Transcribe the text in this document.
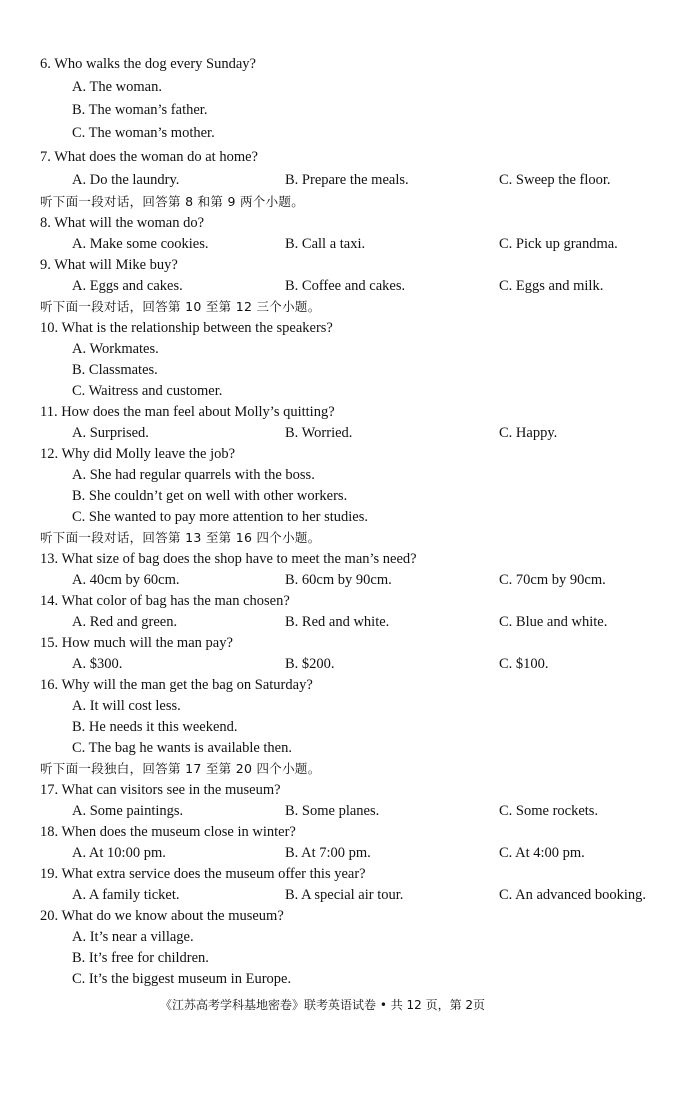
6. Who walks the dog every Sunday?
A. The woman.
B. The woman’s father.
C. The woman’s mother.
7. What does the woman do at home?
A. Do the laundry.	B. Prepare the meals.	C. Sweep the floor.
听下面一段对话，回答第 8 和第 9 两个小题。
8. What will the woman do?
A. Make some cookies.	B. Call a taxi.	C. Pick up grandma.
9. What will Mike buy?
A. Eggs and cakes.	B. Coffee and cakes.	C. Eggs and milk.
听下面一段对话，回答第 10 至第 12 三个小题。
10. What is the relationship between the speakers?
A. Workmates.
B. Classmates.
C. Waitress and customer.
11. How does the man feel about Molly’s quitting?
A. Surprised.	B. Worried.	C. Happy.
12. Why did Molly leave the job?
A. She had regular quarrels with the boss.
B. She couldn’t get on well with other workers.
C. She wanted to pay more attention to her studies.
听下面一段对话，回答第 13 至第 16 四个小题。
13. What size of bag does the shop have to meet the man’s need?
A. 40cm by 60cm.	B. 60cm by 90cm.	C. 70cm by 90cm.
14. What color of bag has the man chosen?
A. Red and green.	B. Red and white.	C. Blue and white.
15. How much will the man pay?
A. $300.	B. $200.	C. $100.
16. Why will the man get the bag on Saturday?
A. It will cost less.
B. He needs it this weekend.
C. The bag he wants is available then.
听下面一段独白，回答第 17 至第 20 四个小题。
17. What can visitors see in the museum?
A. Some paintings.	B. Some planes.	C. Some rockets.
18. When does the museum close in winter?
A. At 10:00 pm.	B. At 7:00 pm.	C. At 4:00 pm.
19. What extra service does the museum offer this year?
A. A family ticket.	B. A special air tour.	C. An advanced booking.
20. What do we know about the museum?
A. It’s near a village.
B. It’s free for children.
C. It’s the biggest museum in Europe.
《江苏高考学科基地密卷》联考英语试卷 • 共 12 页，第 2页
